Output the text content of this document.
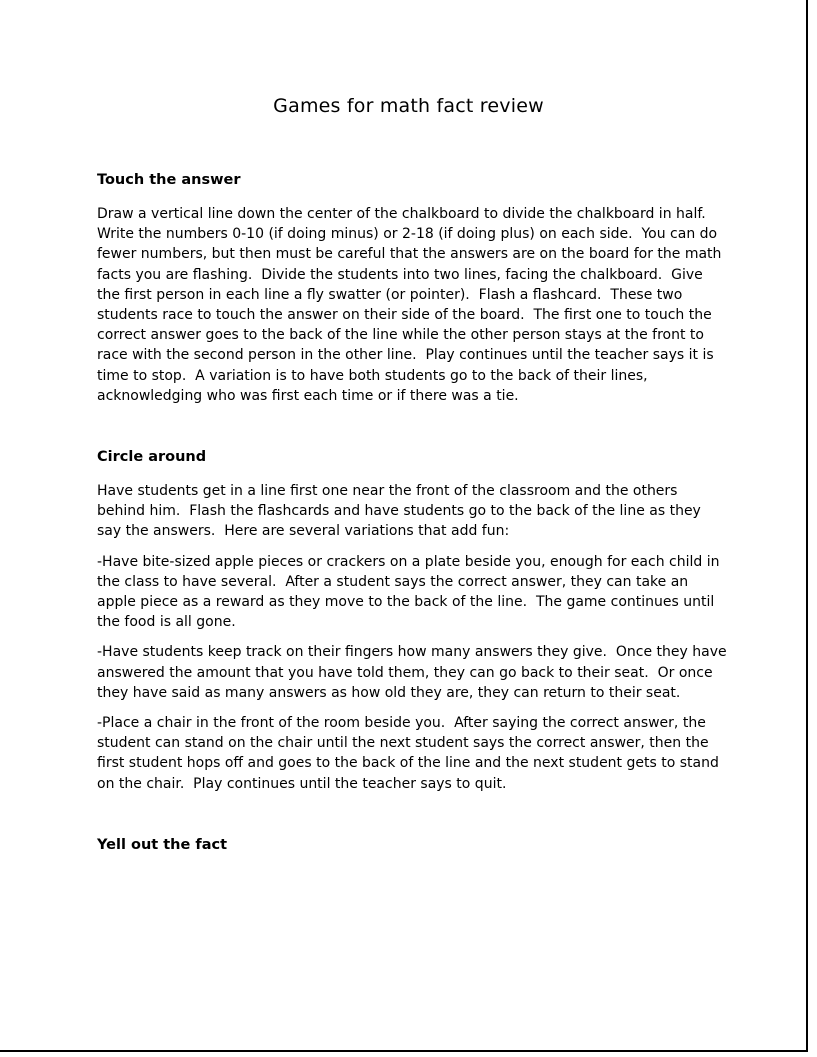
Games for math fact review
Touch the answer

Draw a vertical line down the center of the chalkboard to divide the chalkboard in half.  Write the numbers 0-10 (if doing minus) or 2-18 (if doing plus) on each side.  You can do fewer numbers, but then must be careful that the answers are on the board for the math facts you are flashing.  Divide the students into two lines, facing the chalkboard.  Give the first person in each line a fly swatter (or pointer).  Flash a flashcard.  These two students race to touch the answer on their side of the board.  The first one to touch the correct answer goes to the back of the line while the other person stays at the front to race with the second person in the other line.  Play continues until the teacher says it is time to stop.  A variation is to have both students go to the back of their lines, acknowledging who was first each time or if there was a tie.

Circle around

Have students get in a line first one near the front of the classroom and the others behind him.  Flash the flashcards and have students go to the back of the line as they say the answers.  Here are several variations that add fun:

-Have bite-sized apple pieces or crackers on a plate beside you, enough for each child in the class to have several.  After a student says the correct answer, they can take an apple piece as a reward as they move to the back of the line.  The game continues until the food is all gone.

-Have students keep track on their fingers how many answers they give.  Once they have answered the amount that you have told them, they can go back to their seat.  Or once they have said as many answers as how old they are, they can return to their seat.

-Place a chair in the front of the room beside you.  After saying the correct answer, the student can stand on the chair until the next student says the correct answer, then the first student hops off and goes to the back of the line and the next student gets to stand on the chair.  Play continues until the teacher says to quit.

Yell out the fact
